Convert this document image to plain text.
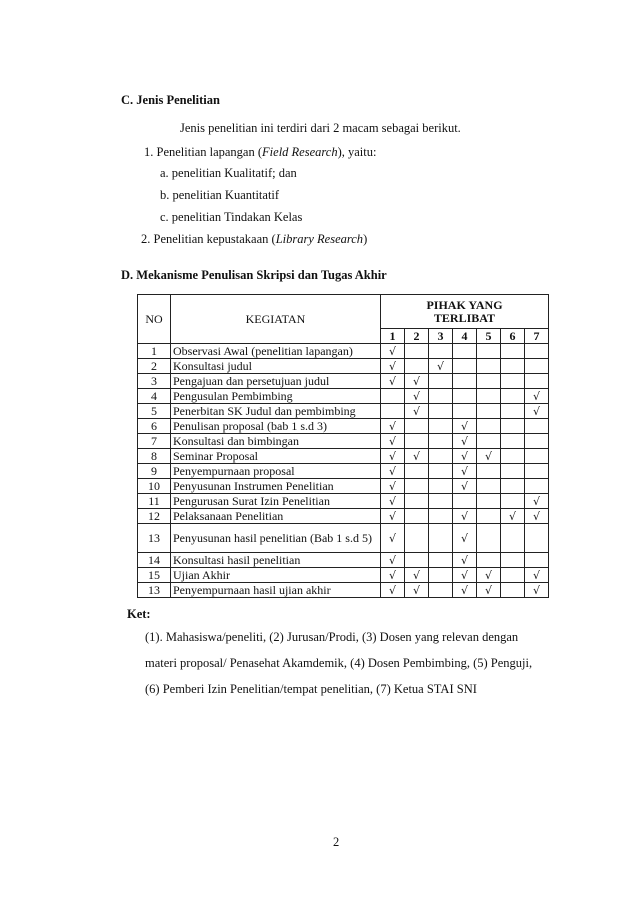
C. Jenis Penelitian
Jenis penelitian ini terdiri dari 2 macam sebagai berikut.
1. Penelitian lapangan (Field Research), yaitu:
a. penelitian Kualitatif; dan
b. penelitian Kuantitatif
c. penelitian Tindakan Kelas
2. Penelitian kepustakaan (Library Research)
D. Mekanisme Penulisan Skripsi dan Tugas Akhir
NO	KEGIATAN	PIHAK YANG
TERLIBAT						

		1	2	3	4	5	6	7
1	Observasi Awal (penelitian lapangan)	√						
2	Konsultasi judul	√		√				
3	Pengajuan dan persetujuan judul	√	√					
4	Pengusulan Pembimbing		√					√
5	Penerbitan SK Judul dan pembimbing		√					√
6	Penulisan proposal (bab 1 s.d 3)	√			√			
7	Konsultasi dan bimbingan	√			√			
8	Seminar Proposal	√	√		√	√		
9	Penyempurnaan proposal	√			√			
10	Penyusunan Instrumen Penelitian	√			√			
11	Pengurusan Surat Izin Penelitian	√						√
12	Pelaksanaan Penelitian	√			√		√	√
13	Penyusunan hasil penelitian (Bab 1 s.d 5)	√			√			
14	Konsultasi hasil penelitian	√			√			
15	Ujian Akhir	√	√		√	√		√
13	Penyempurnaan hasil ujian akhir	√	√		√	√		√
Ket:
(1). Mahasiswa/peneliti, (2) Jurusan/Prodi, (3) Dosen yang relevan dengan
materi proposal/ Penasehat Akamdemik, (4) Dosen Pembimbing, (5) Penguji,
(6) Pemberi Izin Penelitian/tempat penelitian, (7) Ketua STAI SNI
2
